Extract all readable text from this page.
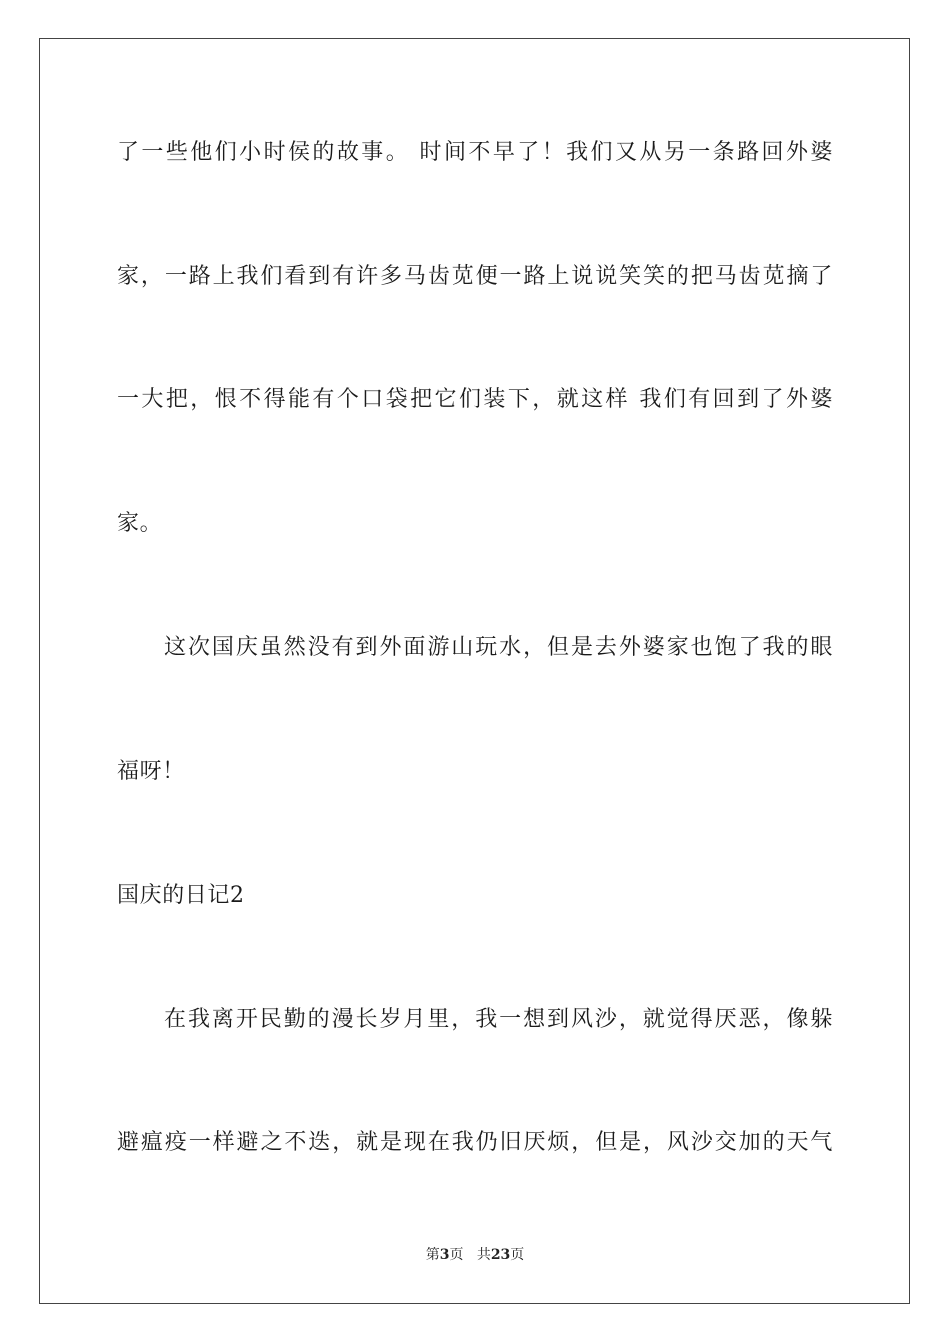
了一些他们小时侯的故事。 时间不早了！我们又从另一条路回外婆
家，一路上我们看到有许多马齿苋便一路上说说笑笑的把马齿苋摘了
一大把，恨不得能有个口袋把它们装下，就这样 我们有回到了外婆
家。
这次国庆虽然没有到外面游山玩水，但是去外婆家也饱了我的眼
福呀！
国庆的日记2
在我离开民勤的漫长岁月里，我一想到风沙，就觉得厌恶，像躲
避瘟疫一样避之不迭，就是现在我仍旧厌烦，但是，风沙交加的天气
第3页 共23页
